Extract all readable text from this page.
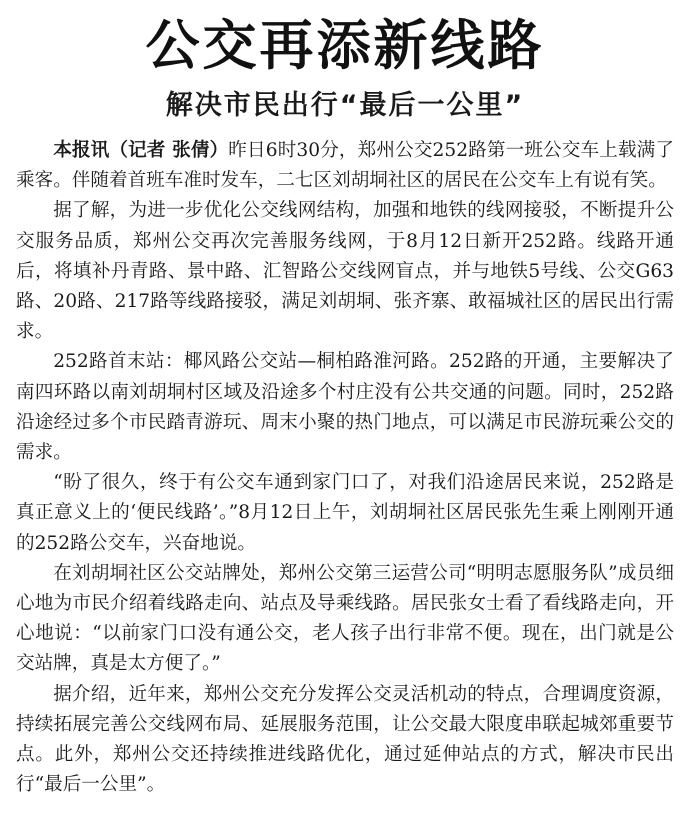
公交再添新线路
解决市民出行“最后一公里”

本报讯（记者 张倩）昨日6时30分，郑州公交252路第一班公交车上载满了乘客。伴随着首班车准时发车，二七区刘胡垌社区的居民在公交车上有说有笑。

据了解，为进一步优化公交线网结构，加强和地铁的线网接驳，不断提升公交服务品质，郑州公交再次完善服务线网，于8月12日新开252路。线路开通后，将填补丹青路、景中路、汇智路公交线网盲点，并与地铁5号线、公交G63路、20路、217路等线路接驳，满足刘胡垌、张齐寨、敢福城社区的居民出行需求。

252路首末站：椰风路公交站—桐柏路淮河路。252路的开通，主要解决了南四环路以南刘胡垌村区域及沿途多个村庄没有公共交通的问题。同时，252路沿途经过多个市民踏青游玩、周末小聚的热门地点，可以满足市民游玩乘公交的需求。

“盼了很久，终于有公交车通到家门口了，对我们沿途居民来说，252路是真正意义上的‘便民线路’。”8月12日上午，刘胡垌社区居民张先生乘上刚刚开通的252路公交车，兴奋地说。

在刘胡垌社区公交站牌处，郑州公交第三运营公司“明明志愿服务队”成员细心地为市民介绍着线路走向、站点及导乘线路。居民张女士看了看线路走向，开心地说：“以前家门口没有通公交，老人孩子出行非常不便。现在，出门就是公交站牌，真是太方便了。”

据介绍，近年来，郑州公交充分发挥公交灵活机动的特点，合理调度资源，持续拓展完善公交线网布局、延展服务范围，让公交最大限度串联起城郊重要节点。此外，郑州公交还持续推进线路优化，通过延伸站点的方式，解决市民出行“最后一公里”。
